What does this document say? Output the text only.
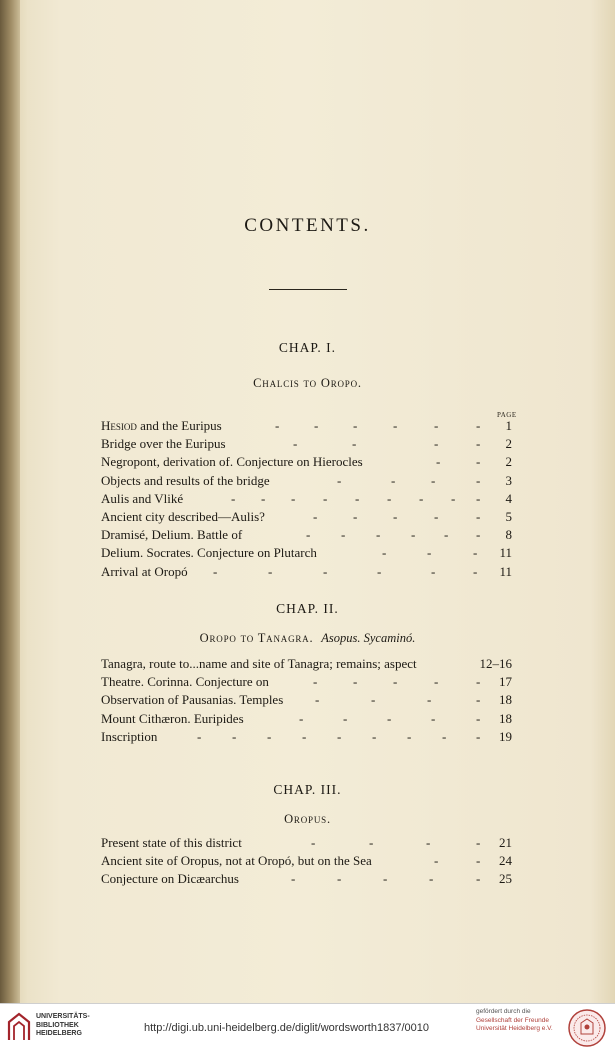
CONTENTS.
CHAP. I.
Chalcis to Oropo.
PAGE
Hesiod and the Euripus	-	-	-	-	-	- 1
Bridge over the Euripus	-	-	-	- 2
Negropont, derivation of. Conjecture on Hierocles	-	- 2
Objects and results of the bridge	-	-	-	- 3
Aulis and Vliké	- - - - - - - - - 4
Ancient city described—Aulis?	-	-	-	-	- 5
Dramisé, Delium. Battle of	- - - - - - 8
Delium. Socrates. Conjecture on Plutarch	-	-	- 11
Arrival at Oropó -	-	-	-	-	- 11
CHAP. II.
Oropo to Tanagra. Asopus. Sycaminó.
Tanagra, route to...name and site of Tanagra; remains; aspect	12–16
Theatre. Corinna. Conjecture on	-	-	-	-	- 17
Observation of Pausanias. Temples -	-	-	- 18
Mount Cithæron. Euripides	-	-	-	-	- 18
Inscription	- - - - - - - - - 19
CHAP. III.
Oropus.
Present state of this district	-	-	-	- 21
Ancient site of Oropus, not at Oropó, but on the Sea	-	- 24
Conjecture on Dicæarchus	-	-	-	-	- 25
UNIVERSITÄTS-
BIBLIOTHEK
HEIDELBERG	http://digi.ub.uni-heidelberg.de/diglit/wordsworth1837/0010
gefördert durch die
Gesellschaft der Freunde
Universität Heidelberg e.V.
